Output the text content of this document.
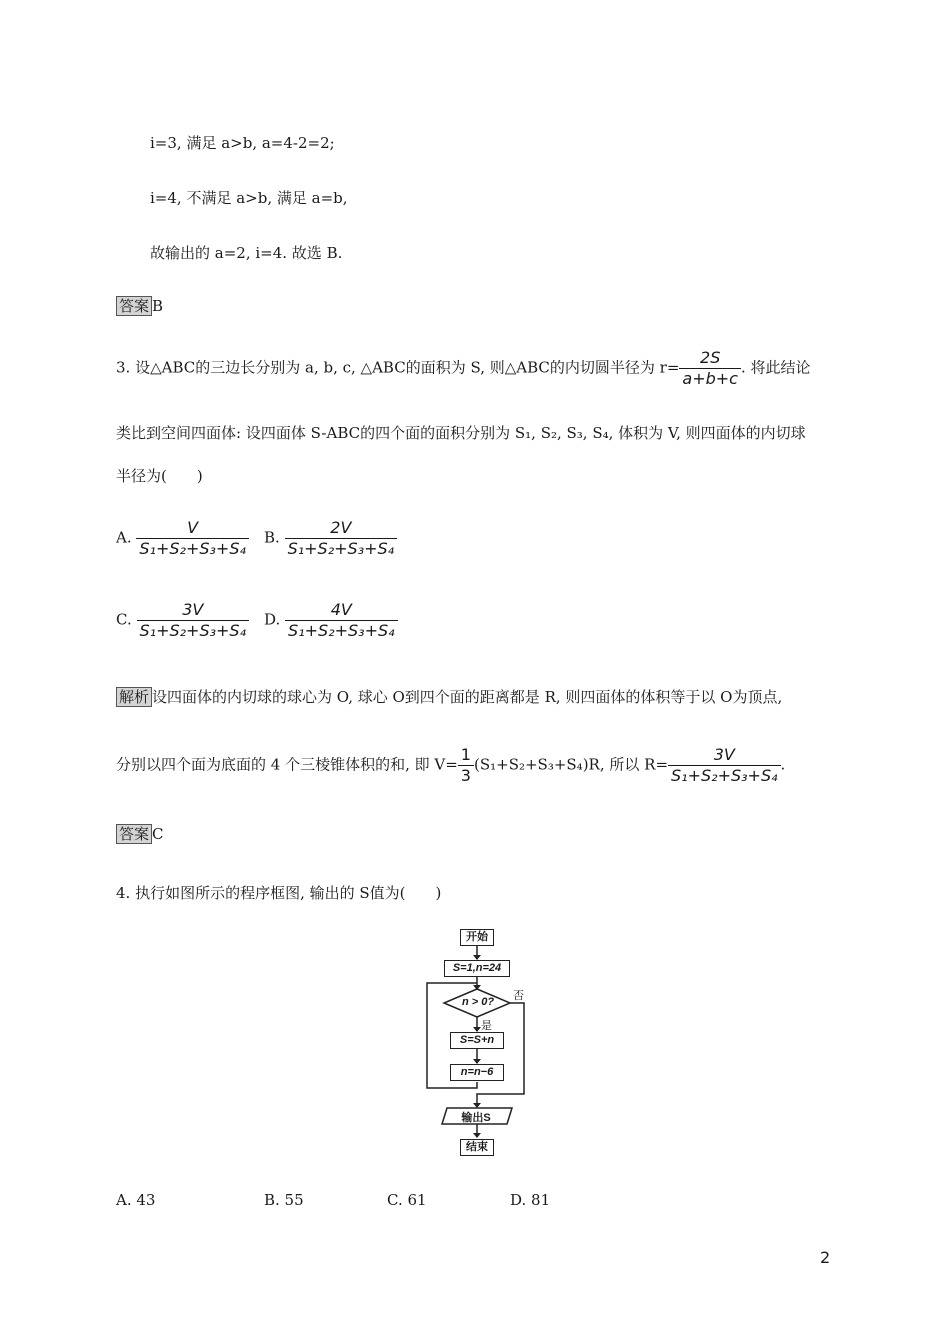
i=3, 满足 a>b, a=4-2=2;
i=4, 不满足 a>b, 满足 a=b,
故输出的 a=2, i=4. 故选 B.
答案 B
3. 设△ABC的三边长分别为 a, b, c, △ABC的面积为 S, 则△ABC的内切圆半径为 $r= \frac{2S}{a+b+c}$ . 将此结论
类比到空间四面体: 设四面体 S-ABC的四个面的面积分别为 S₁, S₂, S₃, S₄, 体积为 V, 则四面体的内切球
半径为(　　)
A. $\frac{V}{\text{S₁+S₂+S₃+S₄}} B$. $\frac{2V}{\text{S₁+S₂+S₃+S₄}}$
C. $\frac{3V}{\text{S₁+S₂+S₃+S₄}} D$. $\frac{4V}{\text{S₁+S₂+S₃+S₄}}$
解析 设四面体的内切球的球心为 O, 球心 O到四个面的距离都是 R, 则四面体的体积等于以 O为顶点,
分别以四个面为底面的 4 个三棱锥体积的和, 即 $V= \frac{1}{3} (S_1+S_2+S_3+S_4)R$, 所以 $R= \frac{3V}{\text{S₁+S₂+S₃+S₄}}$ .
答案 C
4. 执行如图所示的程序框图, 输出的 S值为(　　)
开始
S=1,n=24
n > 0?	否
是
S=S+n
n=n−6
输出S
结束
A. 43	B. 55	C. 61	D. 81
2
